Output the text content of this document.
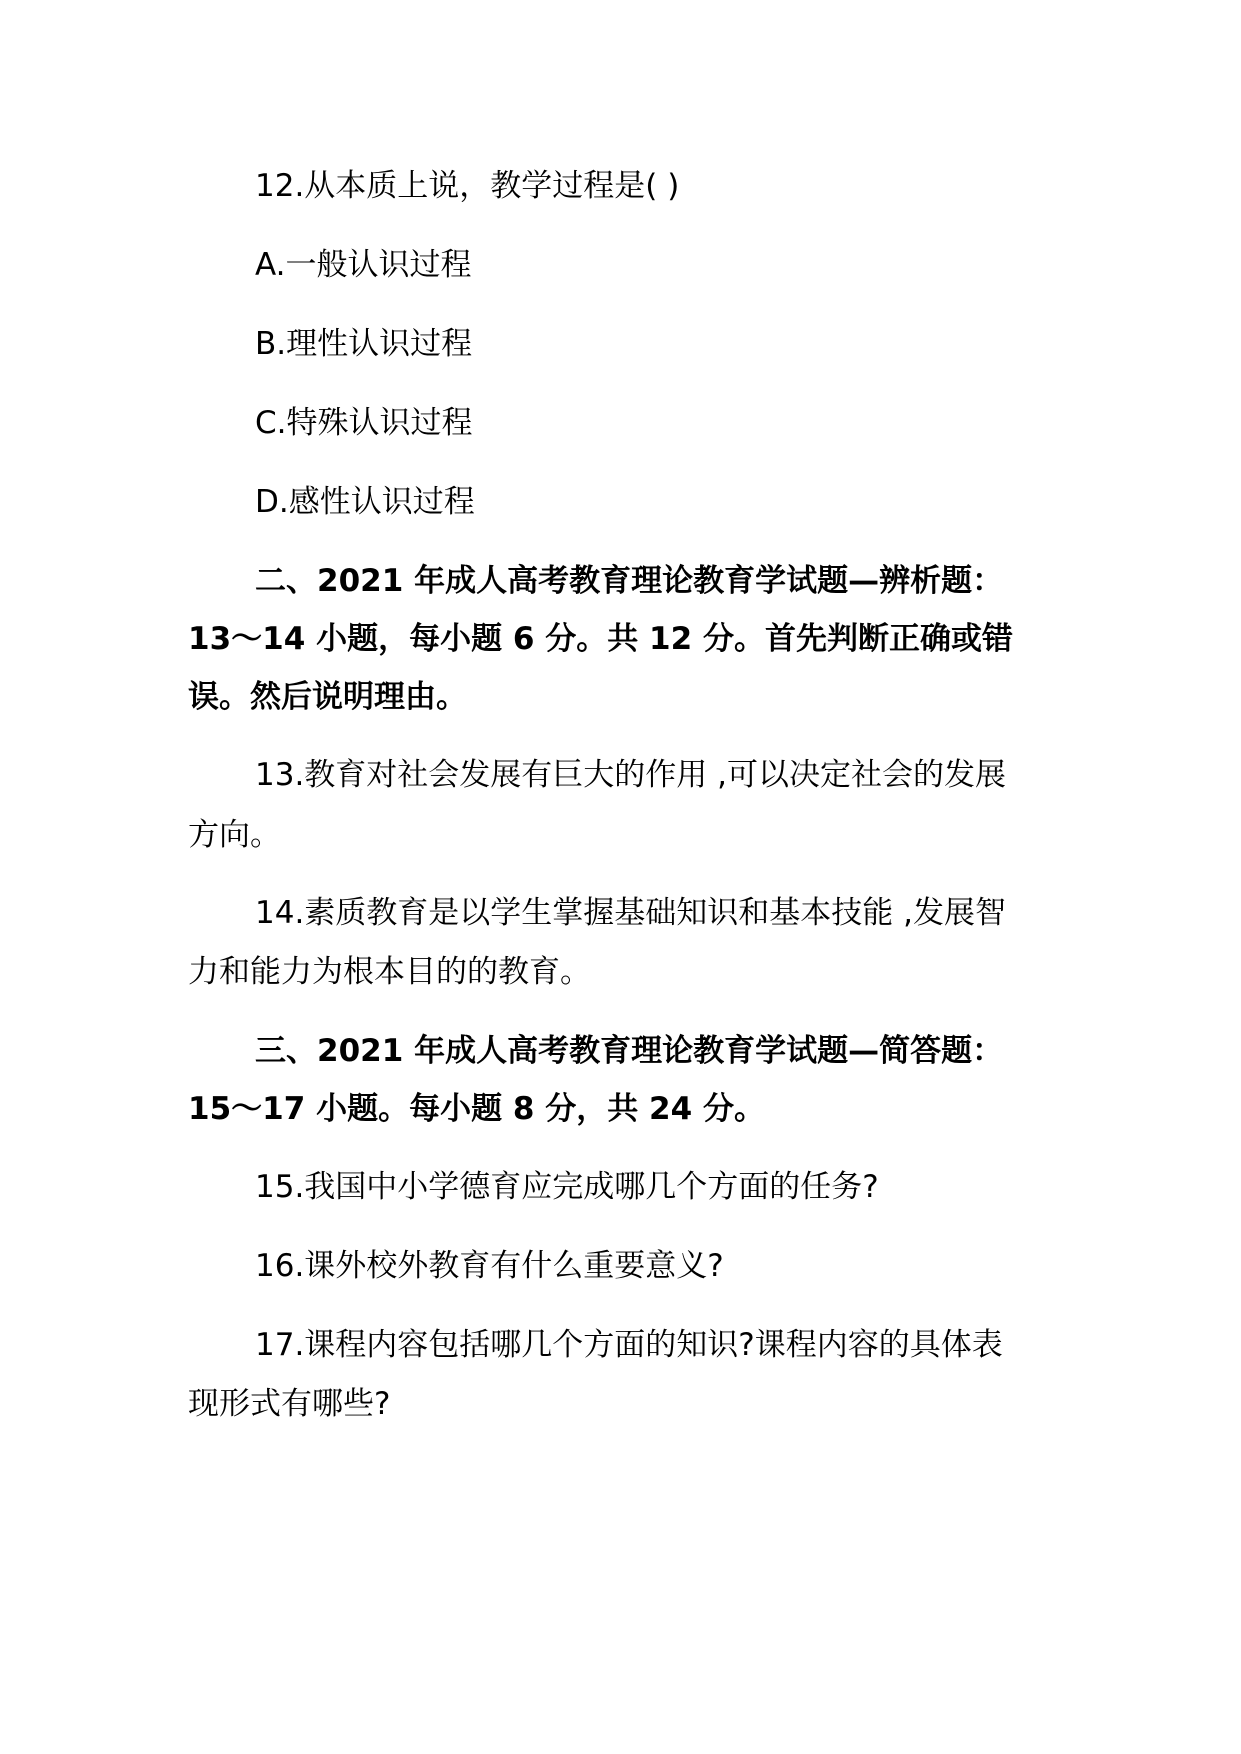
12.从本质上说，教学过程是( )
A.一般认识过程
B.理性认识过程
C.特殊认识过程
D.感性认识过程
二、2021 年成人高考教育理论教育学试题—辨析题：
13～14 小题，每小题 6 分。共 12 分。首先判断正确或错
误。然后说明理由。
13.教育对社会发展有巨大的作用 ,可以决定社会的发展
方向。
14.素质教育是以学生掌握基础知识和基本技能 ,发展智
力和能力为根本目的的教育。
三、2021 年成人高考教育理论教育学试题—简答题：
15～17 小题。每小题 8 分，共 24 分。
15.我国中小学德育应完成哪几个方面的任务?
16.课外校外教育有什么重要意义?
17.课程内容包括哪几个方面的知识?课程内容的具体表
现形式有哪些?
